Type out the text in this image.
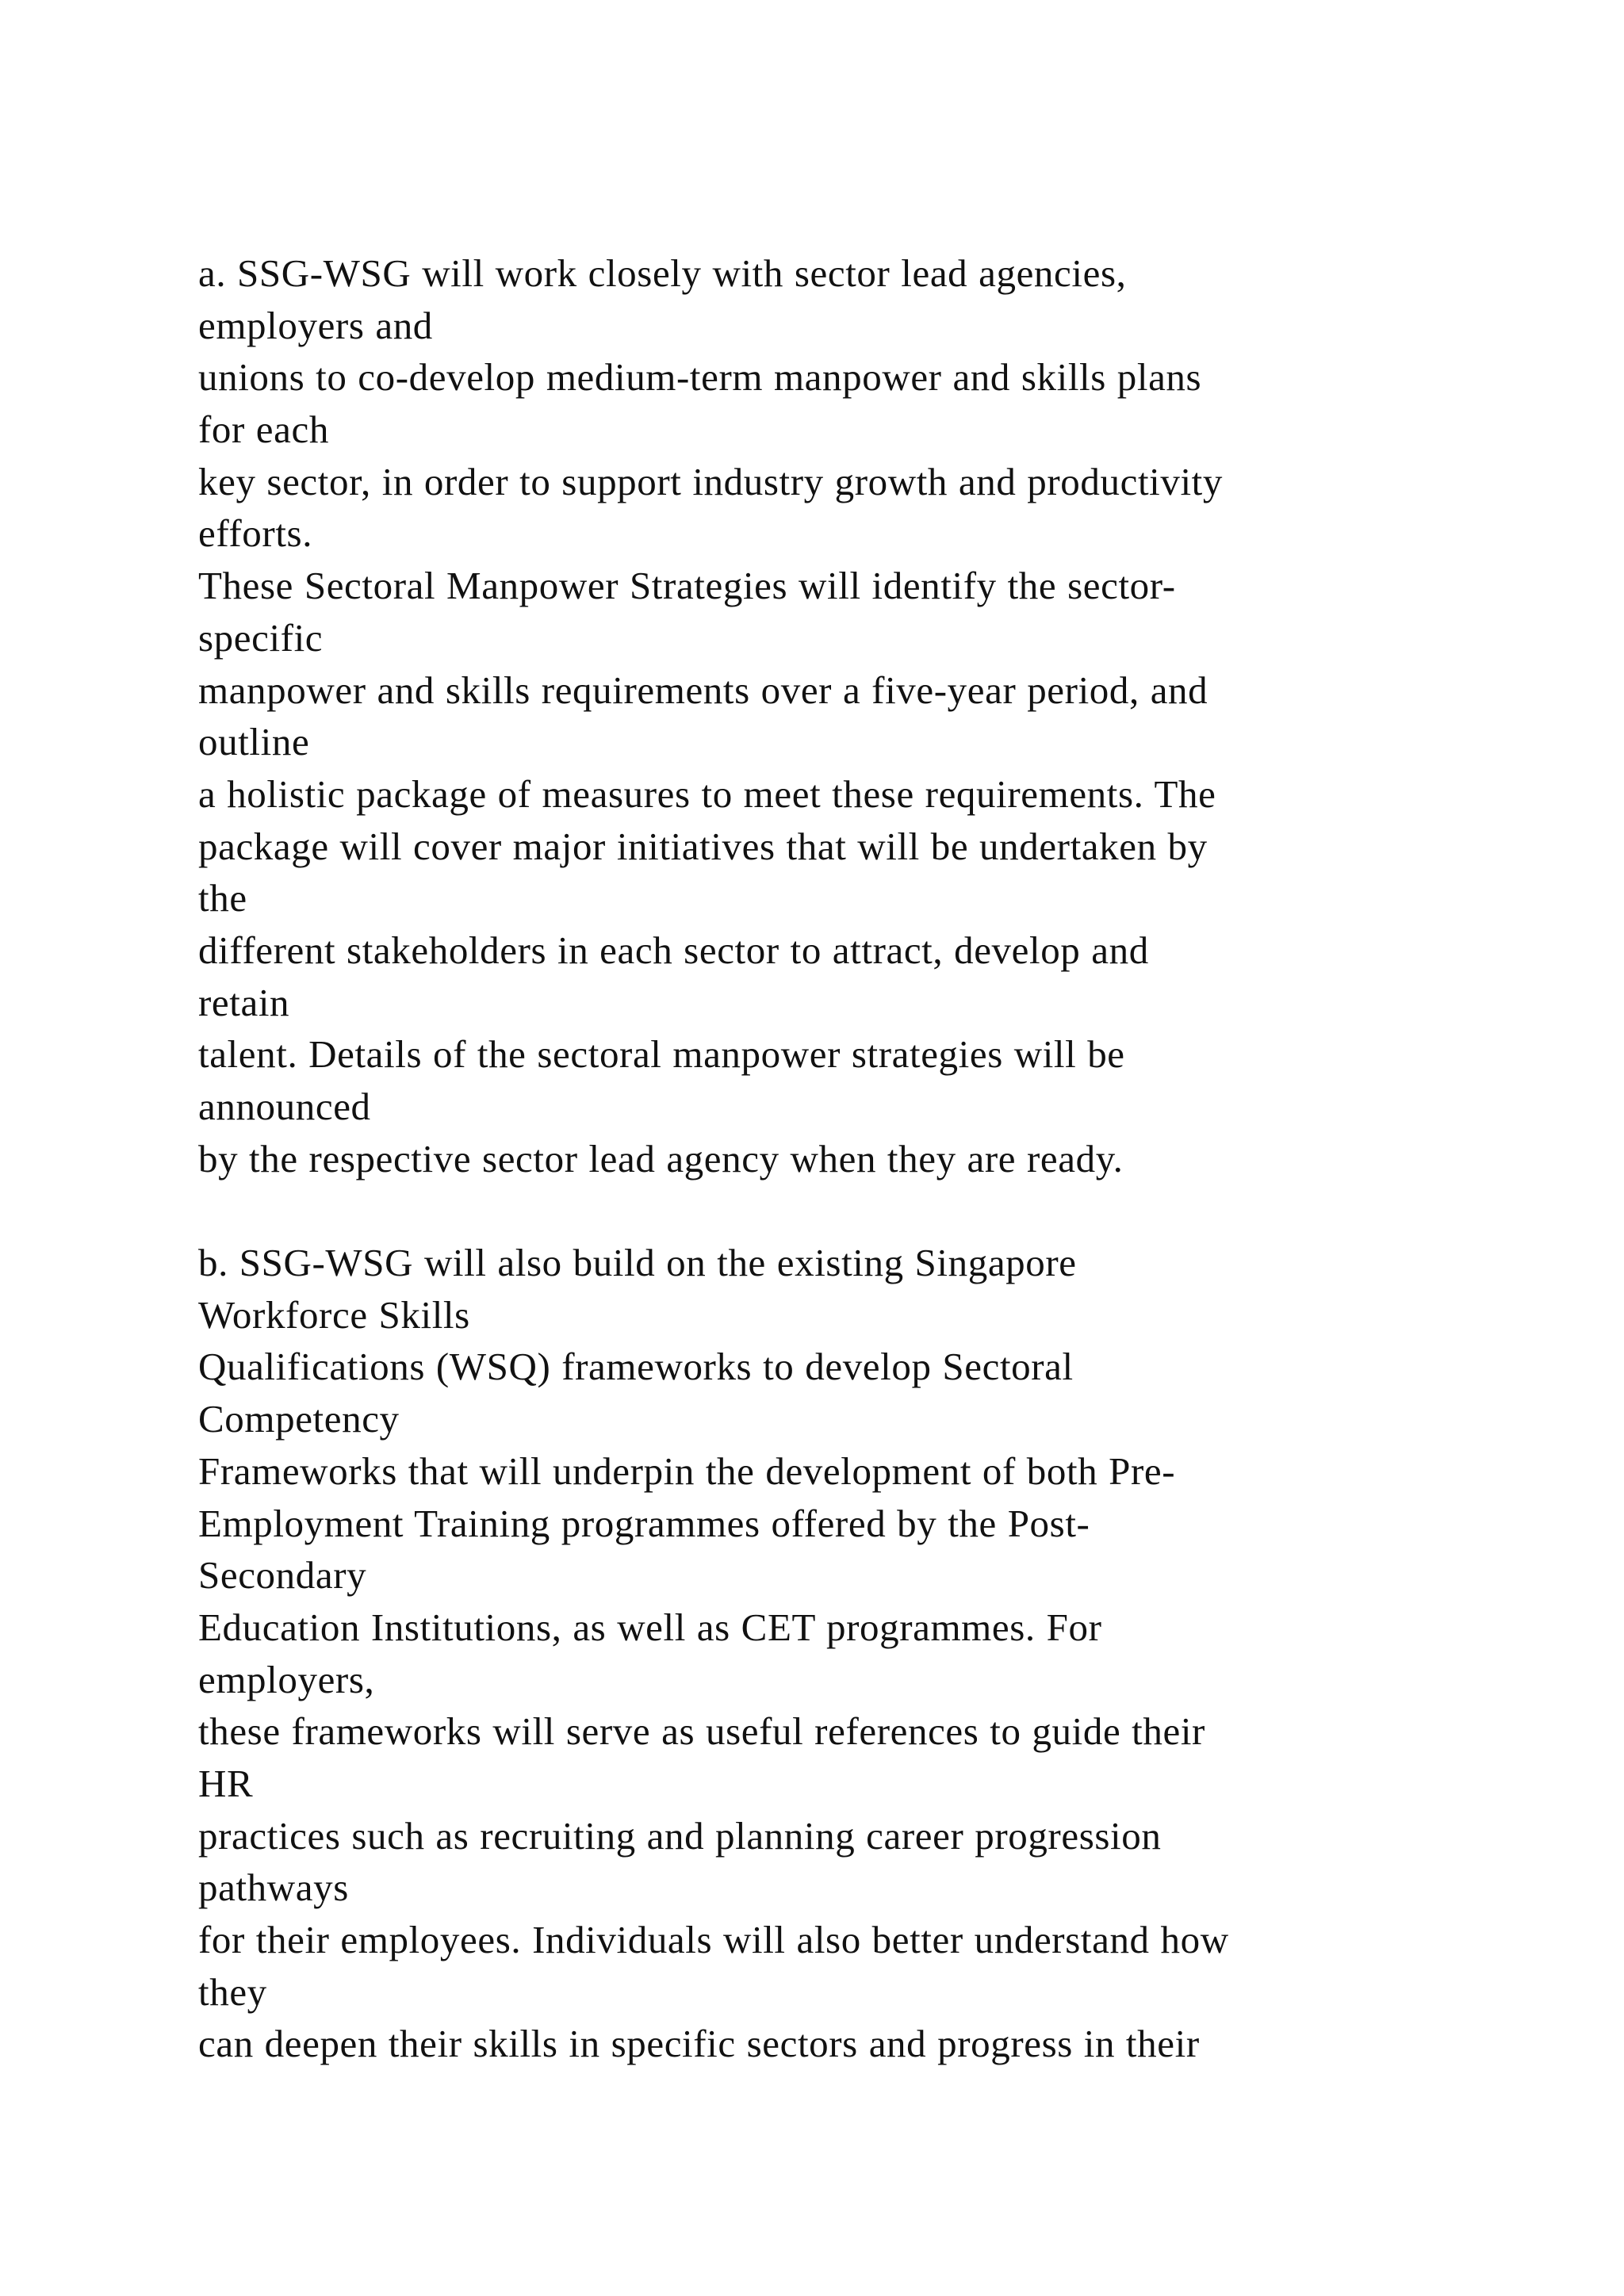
a. SSG-WSG will work closely with sector lead agencies,
employers and
unions to co-develop medium-term manpower and skills plans
for each
key sector, in order to support industry growth and productivity
efforts.
These Sectoral Manpower Strategies will identify the sector-
specific
manpower and skills requirements over a five-year period, and
outline
a holistic package of measures to meet these requirements. The
package will cover major initiatives that will be undertaken by
the
different stakeholders in each sector to attract, develop and
retain
talent. Details of the sectoral manpower strategies will be
announced
by the respective sector lead agency when they are ready.
b. SSG-WSG will also build on the existing Singapore
Workforce Skills
Qualifications (WSQ) frameworks to develop Sectoral
Competency
Frameworks that will underpin the development of both Pre-
Employment Training programmes offered by the Post-
Secondary
Education Institutions, as well as CET programmes. For
employers,
these frameworks will serve as useful references to guide their
HR
practices such as recruiting and planning career progression
pathways
for their employees. Individuals will also better understand how
they
can deepen their skills in specific sectors and progress in their
